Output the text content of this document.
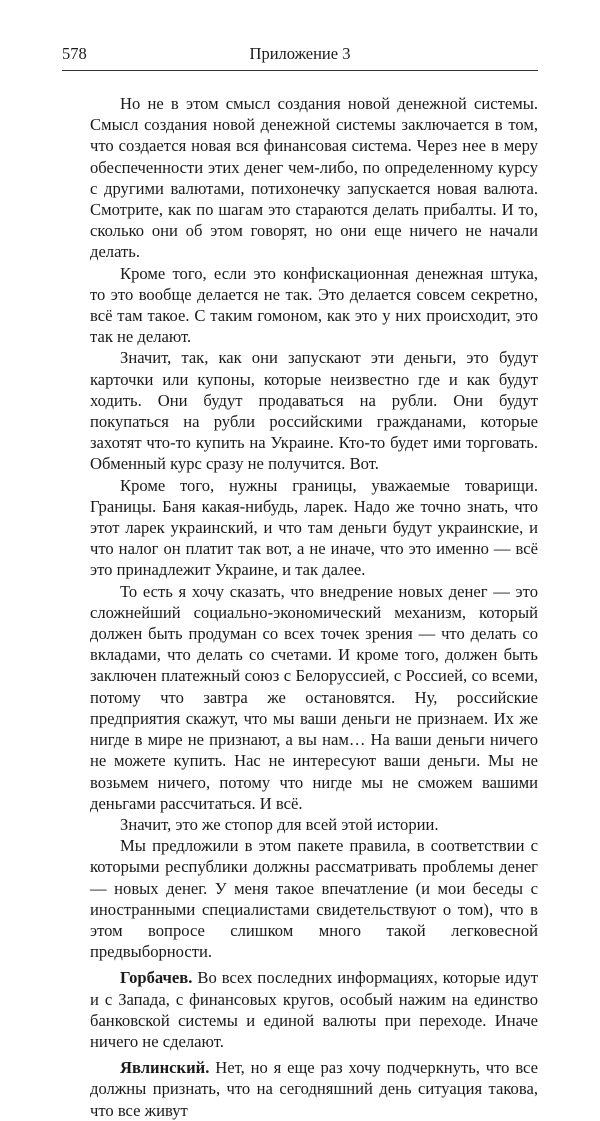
578	Приложение 3

Но не в этом смысл создания новой денежной системы. Смысл создания новой денежной системы заключается в том, что создается новая вся финансовая система. Через нее в меру обеспеченности этих денег чем-либо, по определенному курсу с другими валютами, потихонечку запускается новая валюта. Смотрите, как по шагам это стараются делать прибалты. И то, сколько они об этом говорят, но они еще ничего не начали делать.

Кроме того, если это конфискационная денежная штука, то это вообще делается не так. Это делается совсем секретно, всё там такое. С таким гомоном, как это у них происходит, это так не делают.

Значит, так, как они запускают эти деньги, это будут карточки или купоны, которые неизвестно где и как будут ходить. Они будут продаваться на рубли. Они будут покупаться на рубли российскими гражданами, которые захотят что-то купить на Украине. Кто-то будет ими торговать. Обменный курс сразу не получится. Вот.

Кроме того, нужны границы, уважаемые товарищи. Границы. Баня какая-нибудь, ларек. Надо же точно знать, что этот ларек украинский, и что там деньги будут украинские, и что налог он платит так вот, а не иначе, что это именно — всё это принадлежит Украине, и так далее.

То есть я хочу сказать, что внедрение новых денег — это сложнейший социально-экономический механизм, который должен быть продуман со всех точек зрения — что делать со вкладами, что делать со счетами. И кроме того, должен быть заключен платежный союз с Белоруссией, с Россией, со всеми, потому что завтра же остановятся. Ну, российские предприятия скажут, что мы ваши деньги не признаем. Их же нигде в мире не признают, а вы нам… На ваши деньги ничего не можете купить. Нас не интересуют ваши деньги. Мы не возьмем ничего, потому что нигде мы не сможем вашими деньгами рассчитаться. И всё.

Значит, это же стопор для всей этой истории.

Мы предложили в этом пакете правила, в соответствии с которыми республики должны рассматривать проблемы денег — новых денег. У меня такое впечатление (и мои беседы с иностранными специалистами свидетельствуют о том), что в этом вопросе слишком много такой легковесной предвыборности.

Горбачев. Во всех последних информациях, которые идут и с Запада, с финансовых кругов, особый нажим на единство банковской системы и единой валюты при переходе. Иначе ничего не сделают.

Явлинский. Нет, но я еще раз хочу подчеркнуть, что все должны признать, что на сегодняшний день ситуация такова, что все живут
